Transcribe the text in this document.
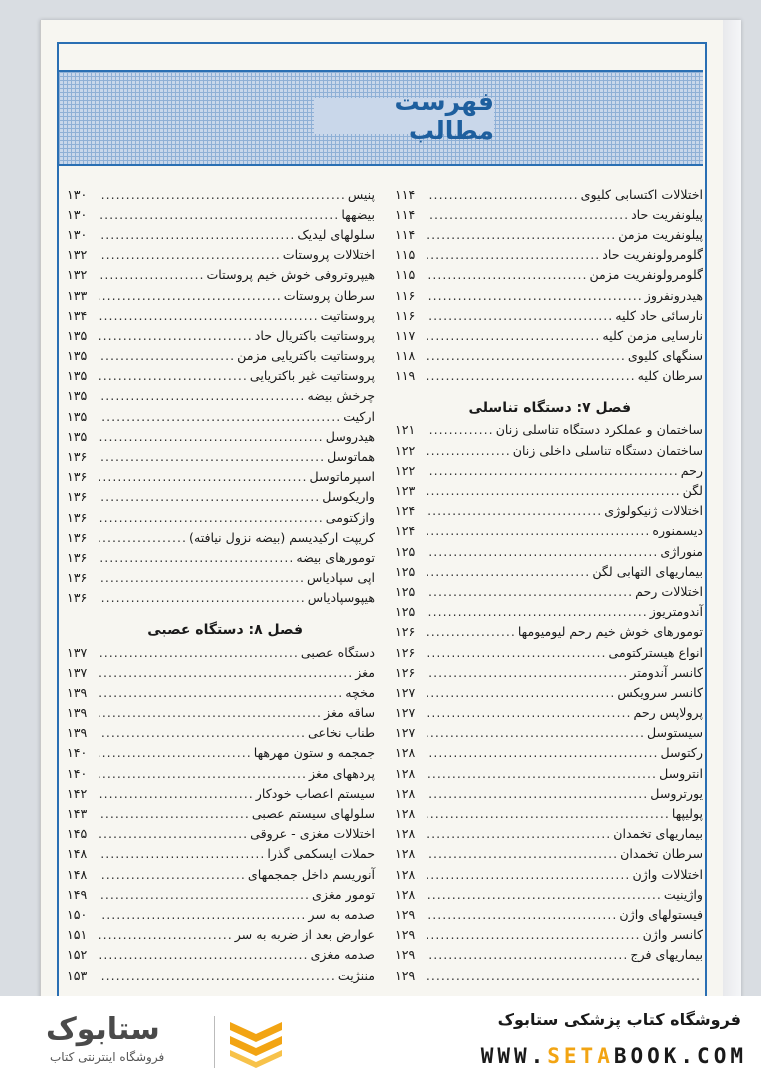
فهرست مطالب
اختلالات اکتسابی کلیوی
.....
۱۱۴
پیلونفریت حاد
.....
۱۱۴
پیلونفریت مزمن
.....
۱۱۴
گلومرولونفریت حاد
.....
۱۱۵
گلومرولونفریت مزمن
.....
۱۱۵
هیدرونفروز
.....
۱۱۶
نارسائی حاد کلیه
.....
۱۱۶
نارسایی مزمن کلیه
.....
۱۱۷
سنگهای کلیوی
.....
۱۱۸
سرطان کلیه
.....
۱۱۹
فصل ۷: دستگاه تناسلی
ساختمان و عملکرد دستگاه تناسلی زنان
.....
۱۲۱
ساختمان دستگاه تناسلی داخلی زنان
.....
۱۲۲
رحم
.....
۱۲۲
لگن
.....
۱۲۳
اختلالات ژنیکولوژی
.....
۱۲۴
دیسمنوره
.....
۱۲۴
منوراژی
.....
۱۲۵
بیماریهای التهابی لگن
.....
۱۲۵
اختلالات رحم
.....
۱۲۵
آندومتریوز
.....
۱۲۵
تومورهای خوش خیم رحم لیومیومها
.....
۱۲۶
انواع هیسترکتومی
.....
۱۲۶
کانسر آندومتر
.....
۱۲۶
کانسر سرویکس
.....
۱۲۷
پرولاپس رحم
.....
۱۲۷
سیستوسل
.....
۱۲۷
رکتوسل
.....
۱۲۸
انتروسل
.....
۱۲۸
یورتروسل
.....
۱۲۸
پولیپها
.....
۱۲۸
بیماریهای تخمدان
.....
۱۲۸
سرطان تخمدان
.....
۱۲۸
اختلالات واژن
.....
۱۲۸
واژینیت
.....
۱۲۸
فیستولهای واژن
.....
۱۲۹
کانسر واژن
.....
۱۲۹
بیماریهای فرج
.....
۱۲۹
.....
۱۲۹
پنیس
.....
۱۳۰
بیضهها
.....
۱۳۰
سلولهای لیدیک
.....
۱۳۰
اختلالات پروستات
.....
۱۳۲
هیپروتروفی خوش خیم پروستات
.....
۱۳۲
سرطان پروستات
.....
۱۳۳
پروستاتیت
.....
۱۳۴
پروستاتیت باکتریال حاد
.....
۱۳۵
پروستاتیت باکتریایی مزمن
.....
۱۳۵
پروستاتیت غیر باکتریایی
.....
۱۳۵
چرخش بیضه
.....
۱۳۵
ارکیت
.....
۱۳۵
هیدروسل
.....
۱۳۵
هماتوسل
.....
۱۳۶
اسپرماتوسل
.....
۱۳۶
واریکوسل
.....
۱۳۶
وازکتومی
.....
۱۳۶
کریپت ارکیدیسم (بیضه نزول نیافته)
.....
۱۳۶
تومورهای بیضه
.....
۱۳۶
اپی سپادیاس
.....
۱۳۶
هیپوسپادیاس
.....
۱۳۶
فصل ۸: دستگاه عصبی
دستگاه عصبی
.....
۱۳۷
مغز
.....
۱۳۷
مخچه
.....
۱۳۹
ساقه مغز
.....
۱۳۹
طناب نخاعی
.....
۱۳۹
جمجمه و ستون مهرهها
.....
۱۴۰
پردههای مغز
.....
۱۴۰
سیستم اعصاب خودکار
.....
۱۴۲
سلولهای سیستم عصبی
.....
۱۴۳
اختلالات مغزی - عروقی
.....
۱۴۵
حملات ایسکمی گذرا
.....
۱۴۸
آنوریسم داخل جمجمهای
.....
۱۴۸
تومور مغزی
.....
۱۴۹
صدمه به سر
.....
۱۵۰
عوارض بعد از ضربه به سر
.....
۱۵۱
صدمه مغزی
.....
۱۵۲
مننژیت
.....
۱۵۳
ستابوک
فروشگاه اینترنتی کتاب
فروشگاه کتاب پزشکی ستابوک
WWW.SETABOOK.COM
